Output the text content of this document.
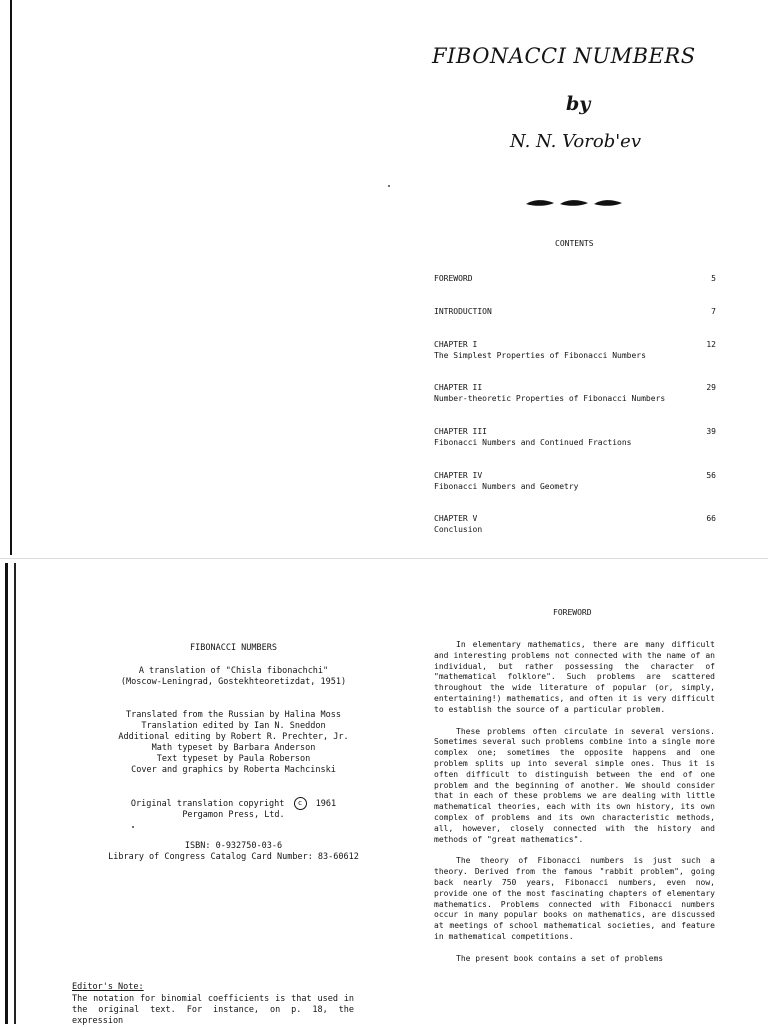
FIBONACCI NUMBERS
by
N. N. Vorob'ev
CONTENTS
FOREWORD	5
INTRODUCTION	7
CHAPTER I
The Simplest Properties of Fibonacci Numbers
12
CHAPTER II
Number-theoretic Properties of Fibonacci Numbers
29
CHAPTER III
Fibonacci Numbers and Continued Fractions
39
CHAPTER IV
Fibonacci Numbers and Geometry
56
CHAPTER V
Conclusion
66
FOREWORD

In elementary mathematics, there are many difficult and interesting problems not connected with the name of an individual, but rather possessing the character of "mathematical folklore". Such problems are scattered throughout the wide literature of popular (or, simply, entertaining!) mathematics, and often it is very difficult to establish the source of a particular problem.

These problems often circulate in several versions. Sometimes several such problems combine into a single more complex one; sometimes the opposite happens and one problem splits up into several simple ones. Thus it is often difficult to distinguish between the end of one problem and the beginning of another. We should consider that in each of these problems we are dealing with little mathematical theories, each with its own history, its own complex of problems and its own characteristic methods, all, however, closely connected with the history and methods of "great mathematics".

The theory of Fibonacci numbers is just such a theory. Derived from the famous "rabbit problem", going back nearly 750 years, Fibonacci numbers, even now, provide one of the most fascinating chapters of elementary mathematics. Problems connected with Fibonacci numbers occur in many popular books on mathematics, are discussed at meetings of school mathematical societies, and feature in mathematical competitions.

The present book contains a set of problems

FIBONACCI NUMBERS
A translation of "Chisla fibonachchi"
(Moscow-Leningrad, Gostekhteoretizdat, 1951)
Translated from the Russian by Halina Moss
Translation edited by Ian N. Sneddon
Additional editing by Robert R. Prechter, Jr.
Math typeset by Barbara Anderson
Text typeset by Paula Roberson
Cover and graphics by Roberta Machcinski
Original translation copyright c 1961
Pergamon Press, Ltd.
ISBN: 0-932750-03-6
Library of Congress Catalog Card Number: 83-60612
Editor's Note:
The notation for binomial coefficients is that used in the original text. For instance, on p. 18, the expression
